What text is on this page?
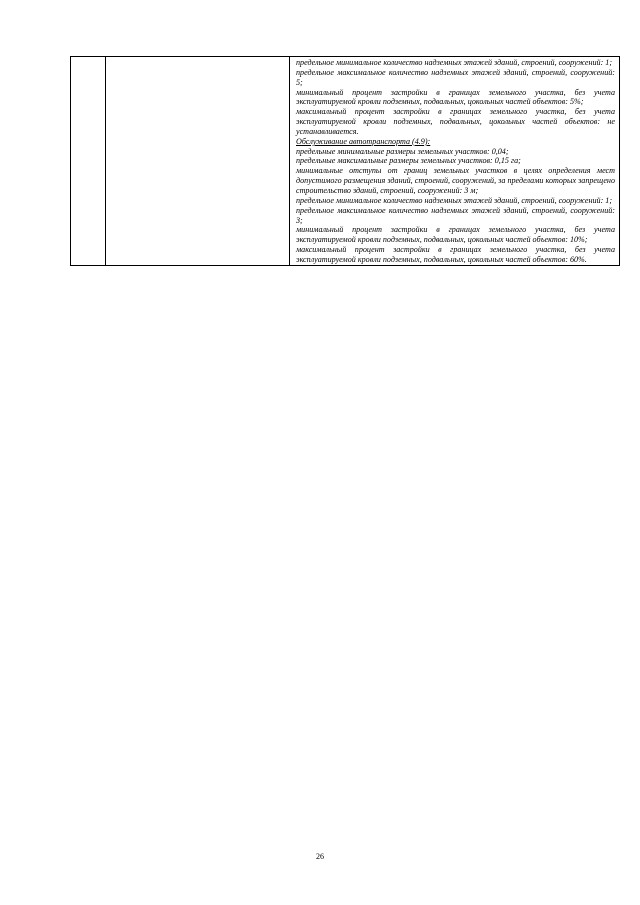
предельное минимальное количество надземных этажей зданий, строений, сооружений: 1;

предельное максимальное количество надземных этажей зданий, строений, сооружений: 5;

минимальный процент застройки в границах земельного участка, без учета эксплуатируемой кровли подземных, подвальных, цокольных частей объектов: 5%;

максимальный процент застройки в границах земельного участка, без учета эксплуатируемой кровли подземных, подвальных, цокольных частей объектов: не устанавливается.

Обслуживание автотранспорта (4.9):

предельные минимальные размеры земельных участков: 0,04;

предельные максимальные размеры земельных участков: 0,15 га;

минимальные отступы от границ земельных участков в целях определения мест допустимого размещения зданий, строений, сооружений, за пределами которых запрещено строительство зданий, строений, сооружений: 3 м;

предельное минимальное количество надземных этажей зданий, строений, сооружений: 1;

предельное максимальное количество надземных этажей зданий, строений, сооружений: 3;

минимальный процент застройки в границах земельного участка, без учета эксплуатируемой кровли подземных, подвальных, цокольных частей объектов: 10%;

максимальный процент застройки в границах земельного участка, без учета эксплуатируемой кровли подземных, подвальных, цокольных частей объектов: 60%.

26
